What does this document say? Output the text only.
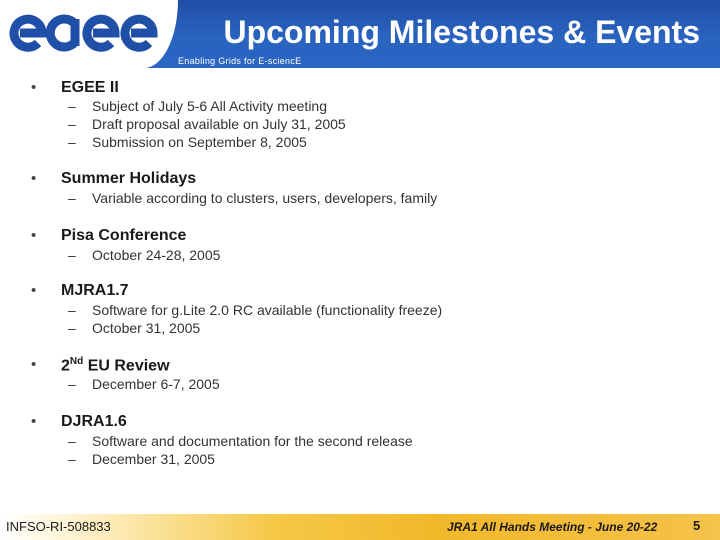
Upcoming Milestones & Events
Enabling Grids for E-sciencE
• EGEE II
– Subject of July 5-6 All Activity meeting
– Draft proposal available on July 31, 2005
– Submission on September 8, 2005
• Summer Holidays
– Variable according to clusters, users, developers, family
• Pisa Conference
– October 24-28, 2005
• MJRA1.7
– Software for g.Lite 2.0 RC available (functionality freeze)
– October 31, 2005
• 2Nd EU Review
– December 6-7, 2005
• DJRA1.6
– Software and documentation for the second release
– December 31, 2005
INFSO-RI-508833	JRA1 All Hands Meeting - June 20-22	5
